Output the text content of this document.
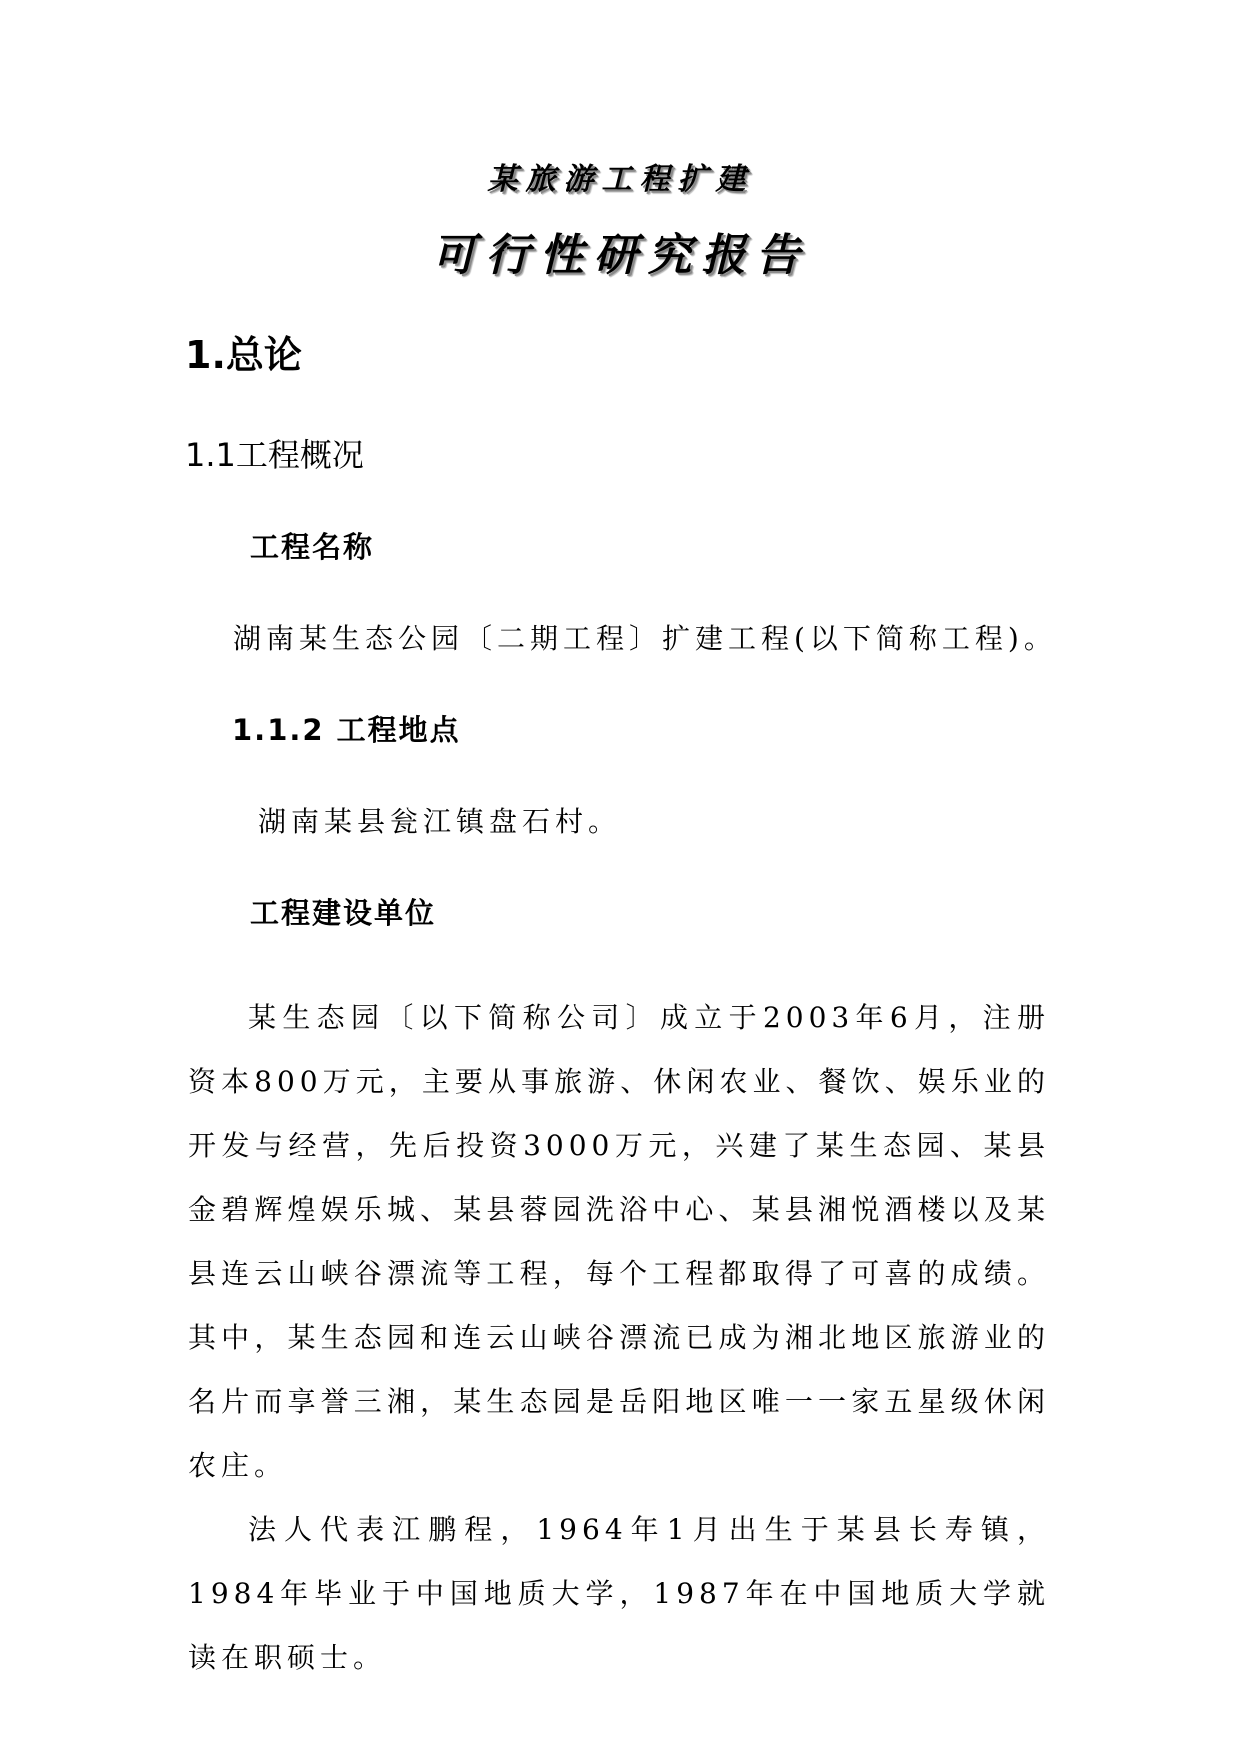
某旅游工程扩建
可行性研究报告
1.总论
1.1工程概况
工程名称
湖南某生态公园〔二期工程〕扩建工程(以下简称工程)。
1.1.2 工程地点
湖南某县瓮江镇盘石村。
工程建设单位

某生态园〔以下简称公司〕成立于2003年6月，注册资本800万元，主要从事旅游、休闲农业、餐饮、娱乐业的开发与经营，先后投资3000万元，兴建了某生态园、某县金碧辉煌娱乐城、某县蓉园洗浴中心、某县湘悦酒楼以及某县连云山峡谷漂流等工程，每个工程都取得了可喜的成绩。其中，某生态园和连云山峡谷漂流已成为湘北地区旅游业的名片而享誉三湘，某生态园是岳阳地区唯一一家五星级休闲农庄。

法人代表江鹏程，1964年1月出生于某县长寿镇，1984年毕业于中国地质大学，1987年在中国地质大学就读在职硕士。
